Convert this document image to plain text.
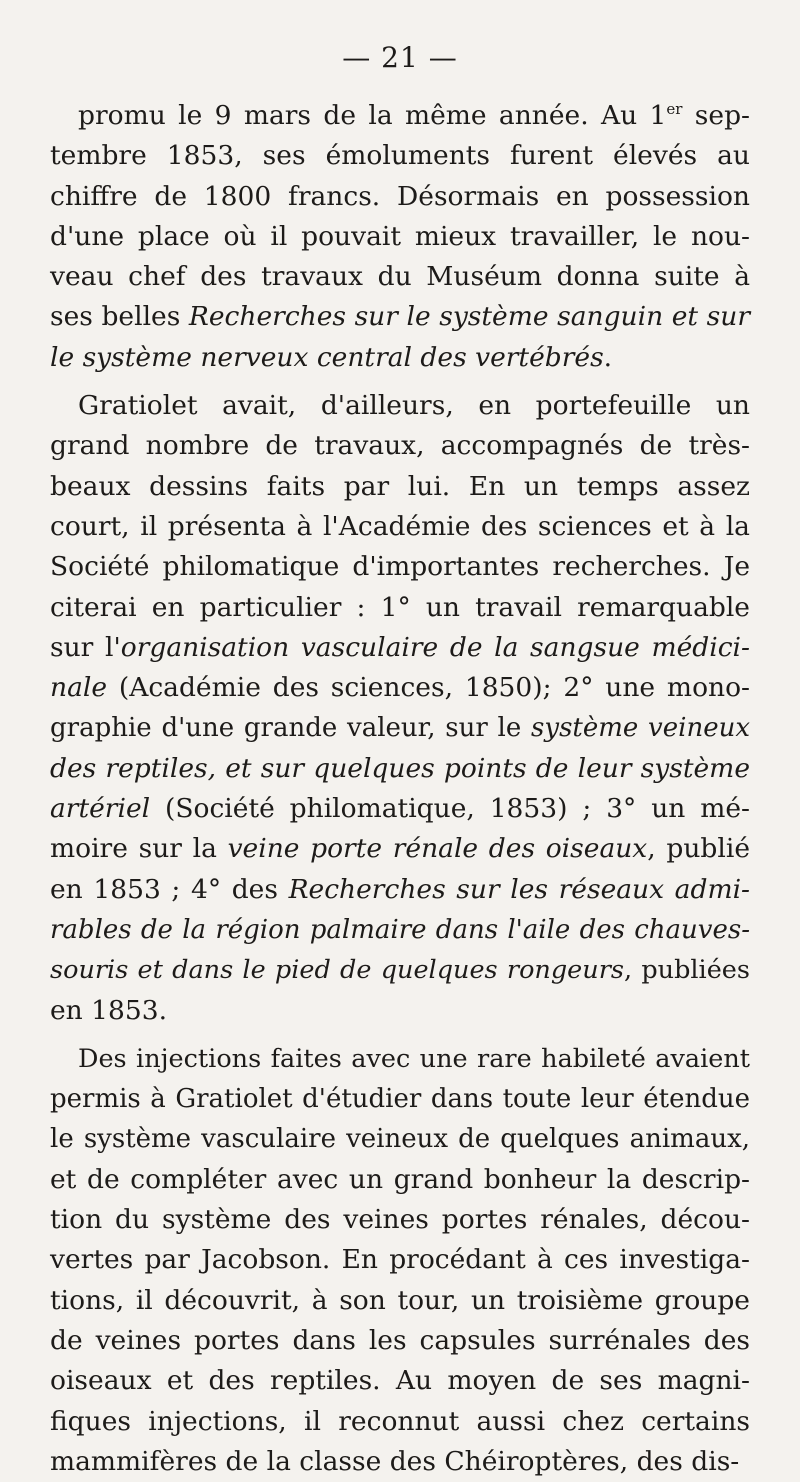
— 21 —
promu le 9 mars de la même année. Au 1er sep-
tembre 1853, ses émoluments furent élevés au
chiffre de 1800 francs. Désormais en possession
d'une place où il pouvait mieux travailler, le nou-
veau chef des travaux du Muséum donna suite à
ses belles Recherches sur le système sanguin et sur
le système nerveux central des vertébrés.
Gratiolet avait, d'ailleurs, en portefeuille un
grand nombre de travaux, accompagnés de très-
beaux dessins faits par lui. En un temps assez
court, il présenta à l'Académie des sciences et à la
Société philomatique d'importantes recherches. Je
citerai en particulier : 1° un travail remarquable
sur l'organisation vasculaire de la sangsue médici-
nale (Académie des sciences, 1850); 2° une mono-
graphie d'une grande valeur, sur le système veineux
des reptiles, et sur quelques points de leur système
artériel (Société philomatique, 1853) ; 3° un mé-
moire sur la veine porte rénale des oiseaux, publié
en 1853 ; 4° des Recherches sur les réseaux admi-
rables de la région palmaire dans l'aile des chauves-
souris et dans le pied de quelques rongeurs, publiées
en 1853.
Des injections faites avec une rare habileté avaient
permis à Gratiolet d'étudier dans toute leur étendue
le système vasculaire veineux de quelques animaux,
et de compléter avec un grand bonheur la descrip-
tion du système des veines portes rénales, décou-
vertes par Jacobson. En procédant à ces investiga-
tions, il découvrit, à son tour, un troisième groupe
de veines portes dans les capsules surrénales des
oiseaux et des reptiles. Au moyen de ses magni-
fiques injections, il reconnut aussi chez certains
mammifères de la classe des Chéiroptères, des dis-
